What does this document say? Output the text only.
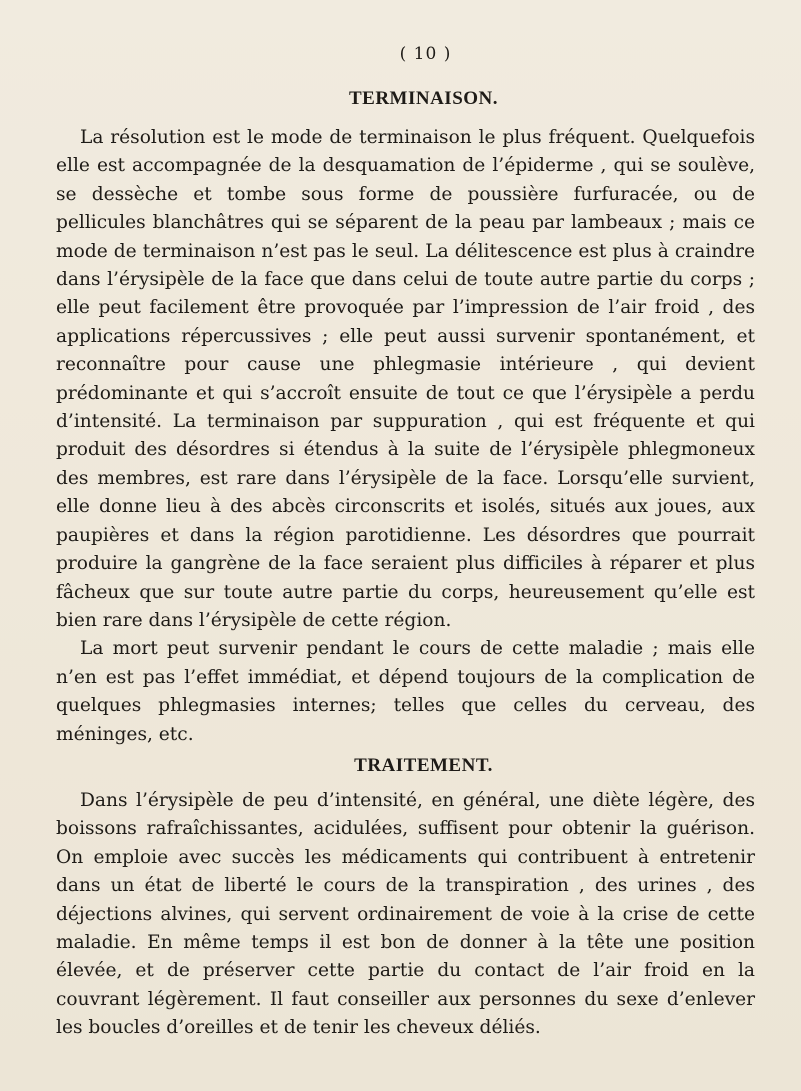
( 10 )
TERMINAISON.

La résolution est le mode de terminaison le plus fréquent. Quelquefois elle est accompagnée de la desquamation de l’épiderme , qui se soulève, se dessèche et tombe sous forme de poussière furfuracée, ou de pellicules blanchâtres qui se séparent de la peau par lambeaux ; mais ce mode de terminaison n’est pas le seul. La délitescence est plus à craindre dans l’érysipèle de la face que dans celui de toute autre partie du corps ; elle peut facilement être provoquée par l’impression de l’air froid , des applications répercussives ; elle peut aussi survenir spontanément, et reconnaître pour cause une phlegmasie intérieure , qui devient prédominante et qui s’accroît ensuite de tout ce que l’érysipèle a perdu d’intensité. La terminaison par suppuration , qui est fréquente et qui produit des désordres si étendus à la suite de l’érysipèle phlegmoneux des membres, est rare dans l’érysipèle de la face. Lorsqu’elle survient, elle donne lieu à des abcès circonscrits et isolés, situés aux joues, aux paupières et dans la région parotidienne. Les désordres que pourrait produire la gangrène de la face seraient plus difficiles à réparer et plus fâcheux que sur toute autre partie du corps, heureusement qu’elle est bien rare dans l’érysipèle de cette région.

La mort peut survenir pendant le cours de cette maladie ; mais elle n’en est pas l’effet immédiat, et dépend toujours de la complication de quelques phlegmasies internes; telles que celles du cerveau, des méninges, etc.

TRAITEMENT.

Dans l’érysipèle de peu d’intensité, en général, une diète légère, des boissons rafraîchissantes, acidulées, suffisent pour obtenir la guérison. On emploie avec succès les médicaments qui contribuent à entretenir dans un état de liberté le cours de la transpiration , des urines , des déjections alvines, qui servent ordinairement de voie à la crise de cette maladie. En même temps il est bon de donner à la tête une position élevée, et de préserver cette partie du contact de l’air froid en la couvrant légèrement. Il faut conseiller aux personnes du sexe d’enlever les boucles d’oreilles et de tenir les cheveux déliés.
